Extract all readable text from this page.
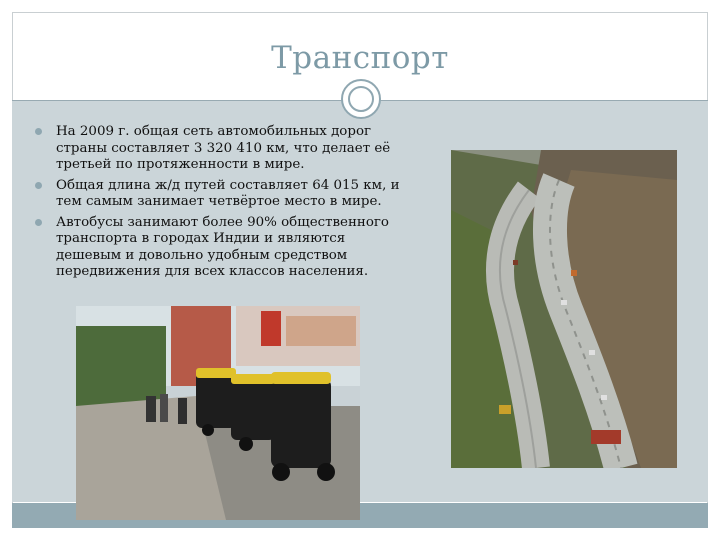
Транспорт
На 2009 г. общая сеть автомобильных дорог страны составляет 3 320 410 км, что делает её третьей по протяженности в мире.
Общая длина ж/д путей составляет 64 015 км, и тем самым занимает четвёртое место в мире.
Автобусы занимают более 90% общественного транспорта в городах Индии и являются дешевым и довольно удобным средством передвижения для всех классов населения.
